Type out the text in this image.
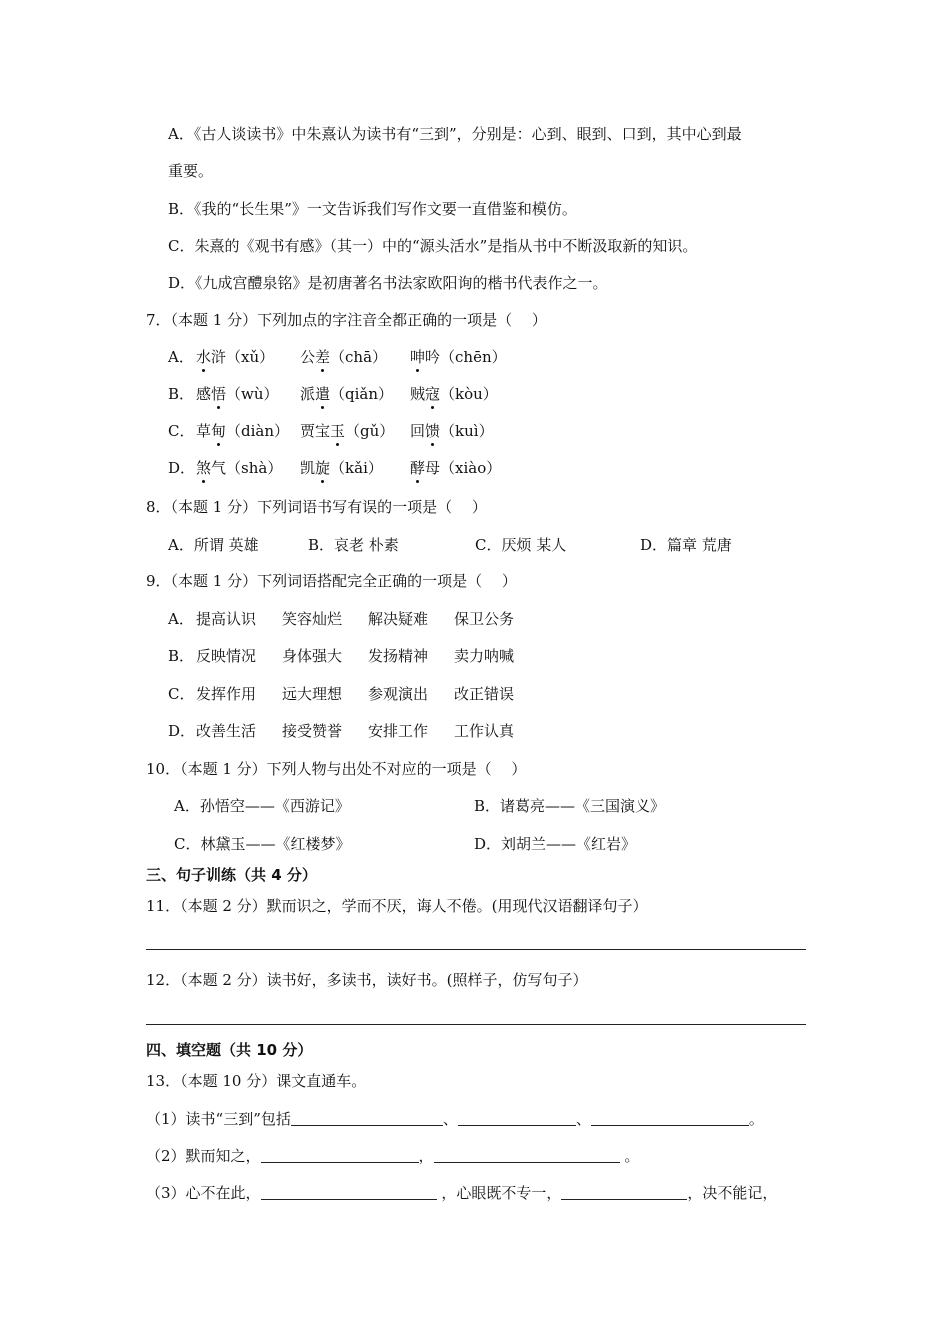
A．《古人谈读书》中朱熹认为读书有“三到”，分别是：心到、眼到、口到，其中心到最
重要。
B．《我的“长生果”》一文告诉我们写作文要一直借鉴和模仿。
C．朱熹的《观书有感》（其一）中的“源头活水”是指从书中不断汲取新的知识。
D．《九成宫醴泉铭》是初唐著名书法家欧阳询的楷书代表作之一。
7．（本题 1 分）下列加点的字注音全都正确的一项是（　 ）
A． 水浒（xǔ） 公差（chā） 呻吟（chēn）
B． 感悟（wù） 派遣（qiǎn） 贼寇（kòu）
C． 草甸（diàn） 贾宝玉（gǔ） 回馈（kuì）
D． 煞气（shà） 凯旋（kǎi） 酵母（xiào）
8．（本题 1 分）下列词语书写有误的一项是（　 ）
A．所谓 英雄	B．哀老 朴素	C．厌烦 某人	D．篇章 荒唐
9．（本题 1 分）下列词语搭配完全正确的一项是（　 ）
A． 提高认识 笑容灿烂 解决疑难 保卫公务
B． 反映情况 身体强大 发扬精神 卖力呐喊
C． 发挥作用 远大理想 参观演出 改正错误
D． 改善生活 接受赞誉 安排工作 工作认真
10．（本题 1 分）下列人物与出处不对应的一项是（　 ）
A．孙悟空——《西游记》	B．诸葛亮——《三国演义》
C．林黛玉——《红楼梦》	D．刘胡兰——《红岩》
三、句子训练（共 4 分）
11．（本题 2 分）默而识之，学而不厌，诲人不倦。(用现代汉语翻译句子）
12．（本题 2 分）读书好，多读书，读好书。(照样子，仿写句子）
四、填空题（共 10 分）
13．（本题 10 分）课文直通车。
（1）读书“三到”包括	、	、	。
（2）默而知之，	，	。
（3）心不在此，	，心眼既不专一，	，决不能记，
